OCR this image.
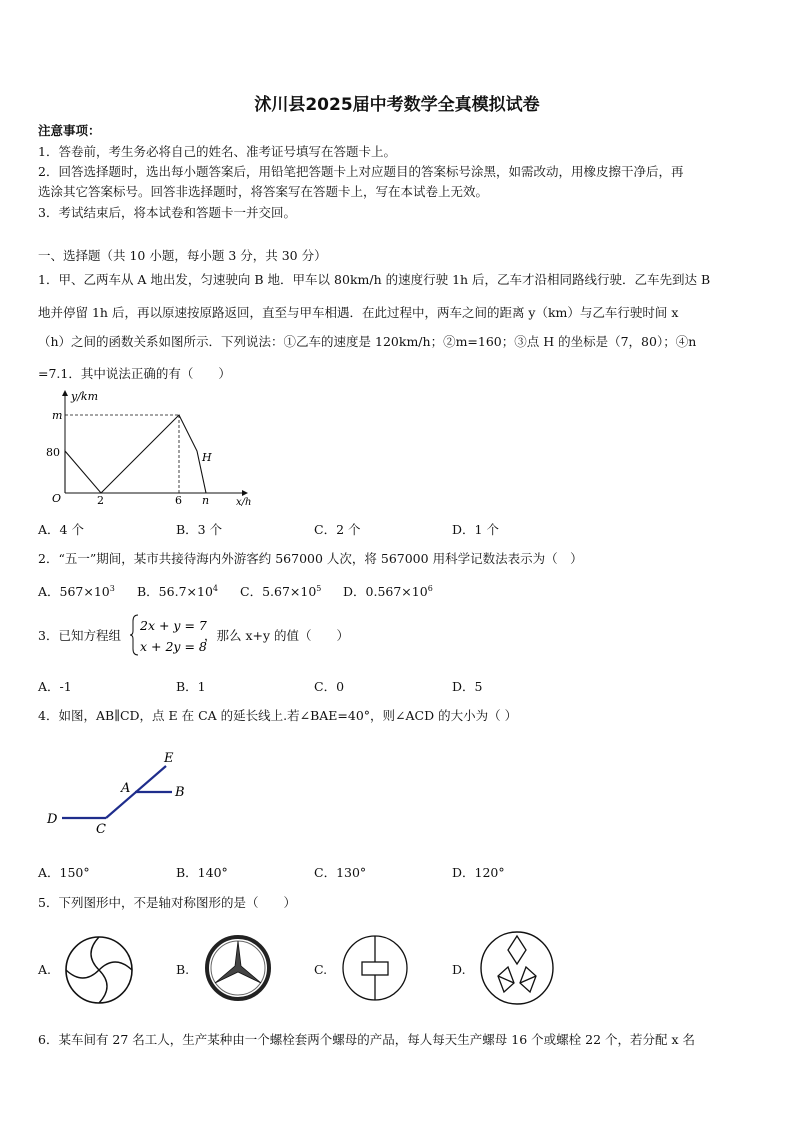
沭川县2025届中考数学全真模拟试卷
注意事项：
1．答卷前，考生务必将自己的姓名、准考证号填写在答题卡上。
2．回答选择题时，选出每小题答案后，用铅笔把答题卡上对应题目的答案标号涂黑，如需改动，用橡皮擦干净后，再
选涂其它答案标号。回答非选择题时，将答案写在答题卡上，写在本试卷上无效。
3．考试结束后，将本试卷和答题卡一并交回。
一、选择题（共 10 小题，每小题 3 分，共 30 分）
1．甲、乙两车从 A 地出发，匀速驶向 B 地．甲车以 80km/h 的速度行驶 1h 后，乙车才沿相同路线行驶．乙车先到达 B
地并停留 1h 后，再以原速按原路返回，直至与甲车相遇．在此过程中，两车之间的距离 y（km）与乙车行驶时间 x
（h）之间的函数关系如图所示．下列说法：①乙车的速度是 120km/h；②m=160；③点 H 的坐标是（7，80）；④n
=7.1．其中说法正确的有（　　）
y/km
m
80
O	2	6 n
H
x/h
A．4 个	B．3 个	C．2 个	D．1 个
2．“五一”期间，某市共接待海内外游客约 567000 人次，将 567000 用科学记数法表示为（　）
A．$567\times 10^3$ B．$56.7\times 10^4$ C．$5.67\times 10^5$ D．$0.567\times 10^6$
3．已知方程组
2x + y = 7
x + 2y = 8
，那么 x+y 的值（　　）
A．-1	B．1	C．0	D．5
4．如图，AB∥CD，点 E 在 CA 的延长线上.若∠BAE=40°，则∠ACD 的大小为（ ）
E
A	B
D
C
A．150°	B．140°	C．130°	D．120°
5．下列图形中，不是轴对称图形的是（　　）
A.	B.	C.	D.
6．某车间有 27 名工人，生产某种由一个螺栓套两个螺母的产品，每人每天生产螺母 16 个或螺栓 22 个，若分配 x 名
